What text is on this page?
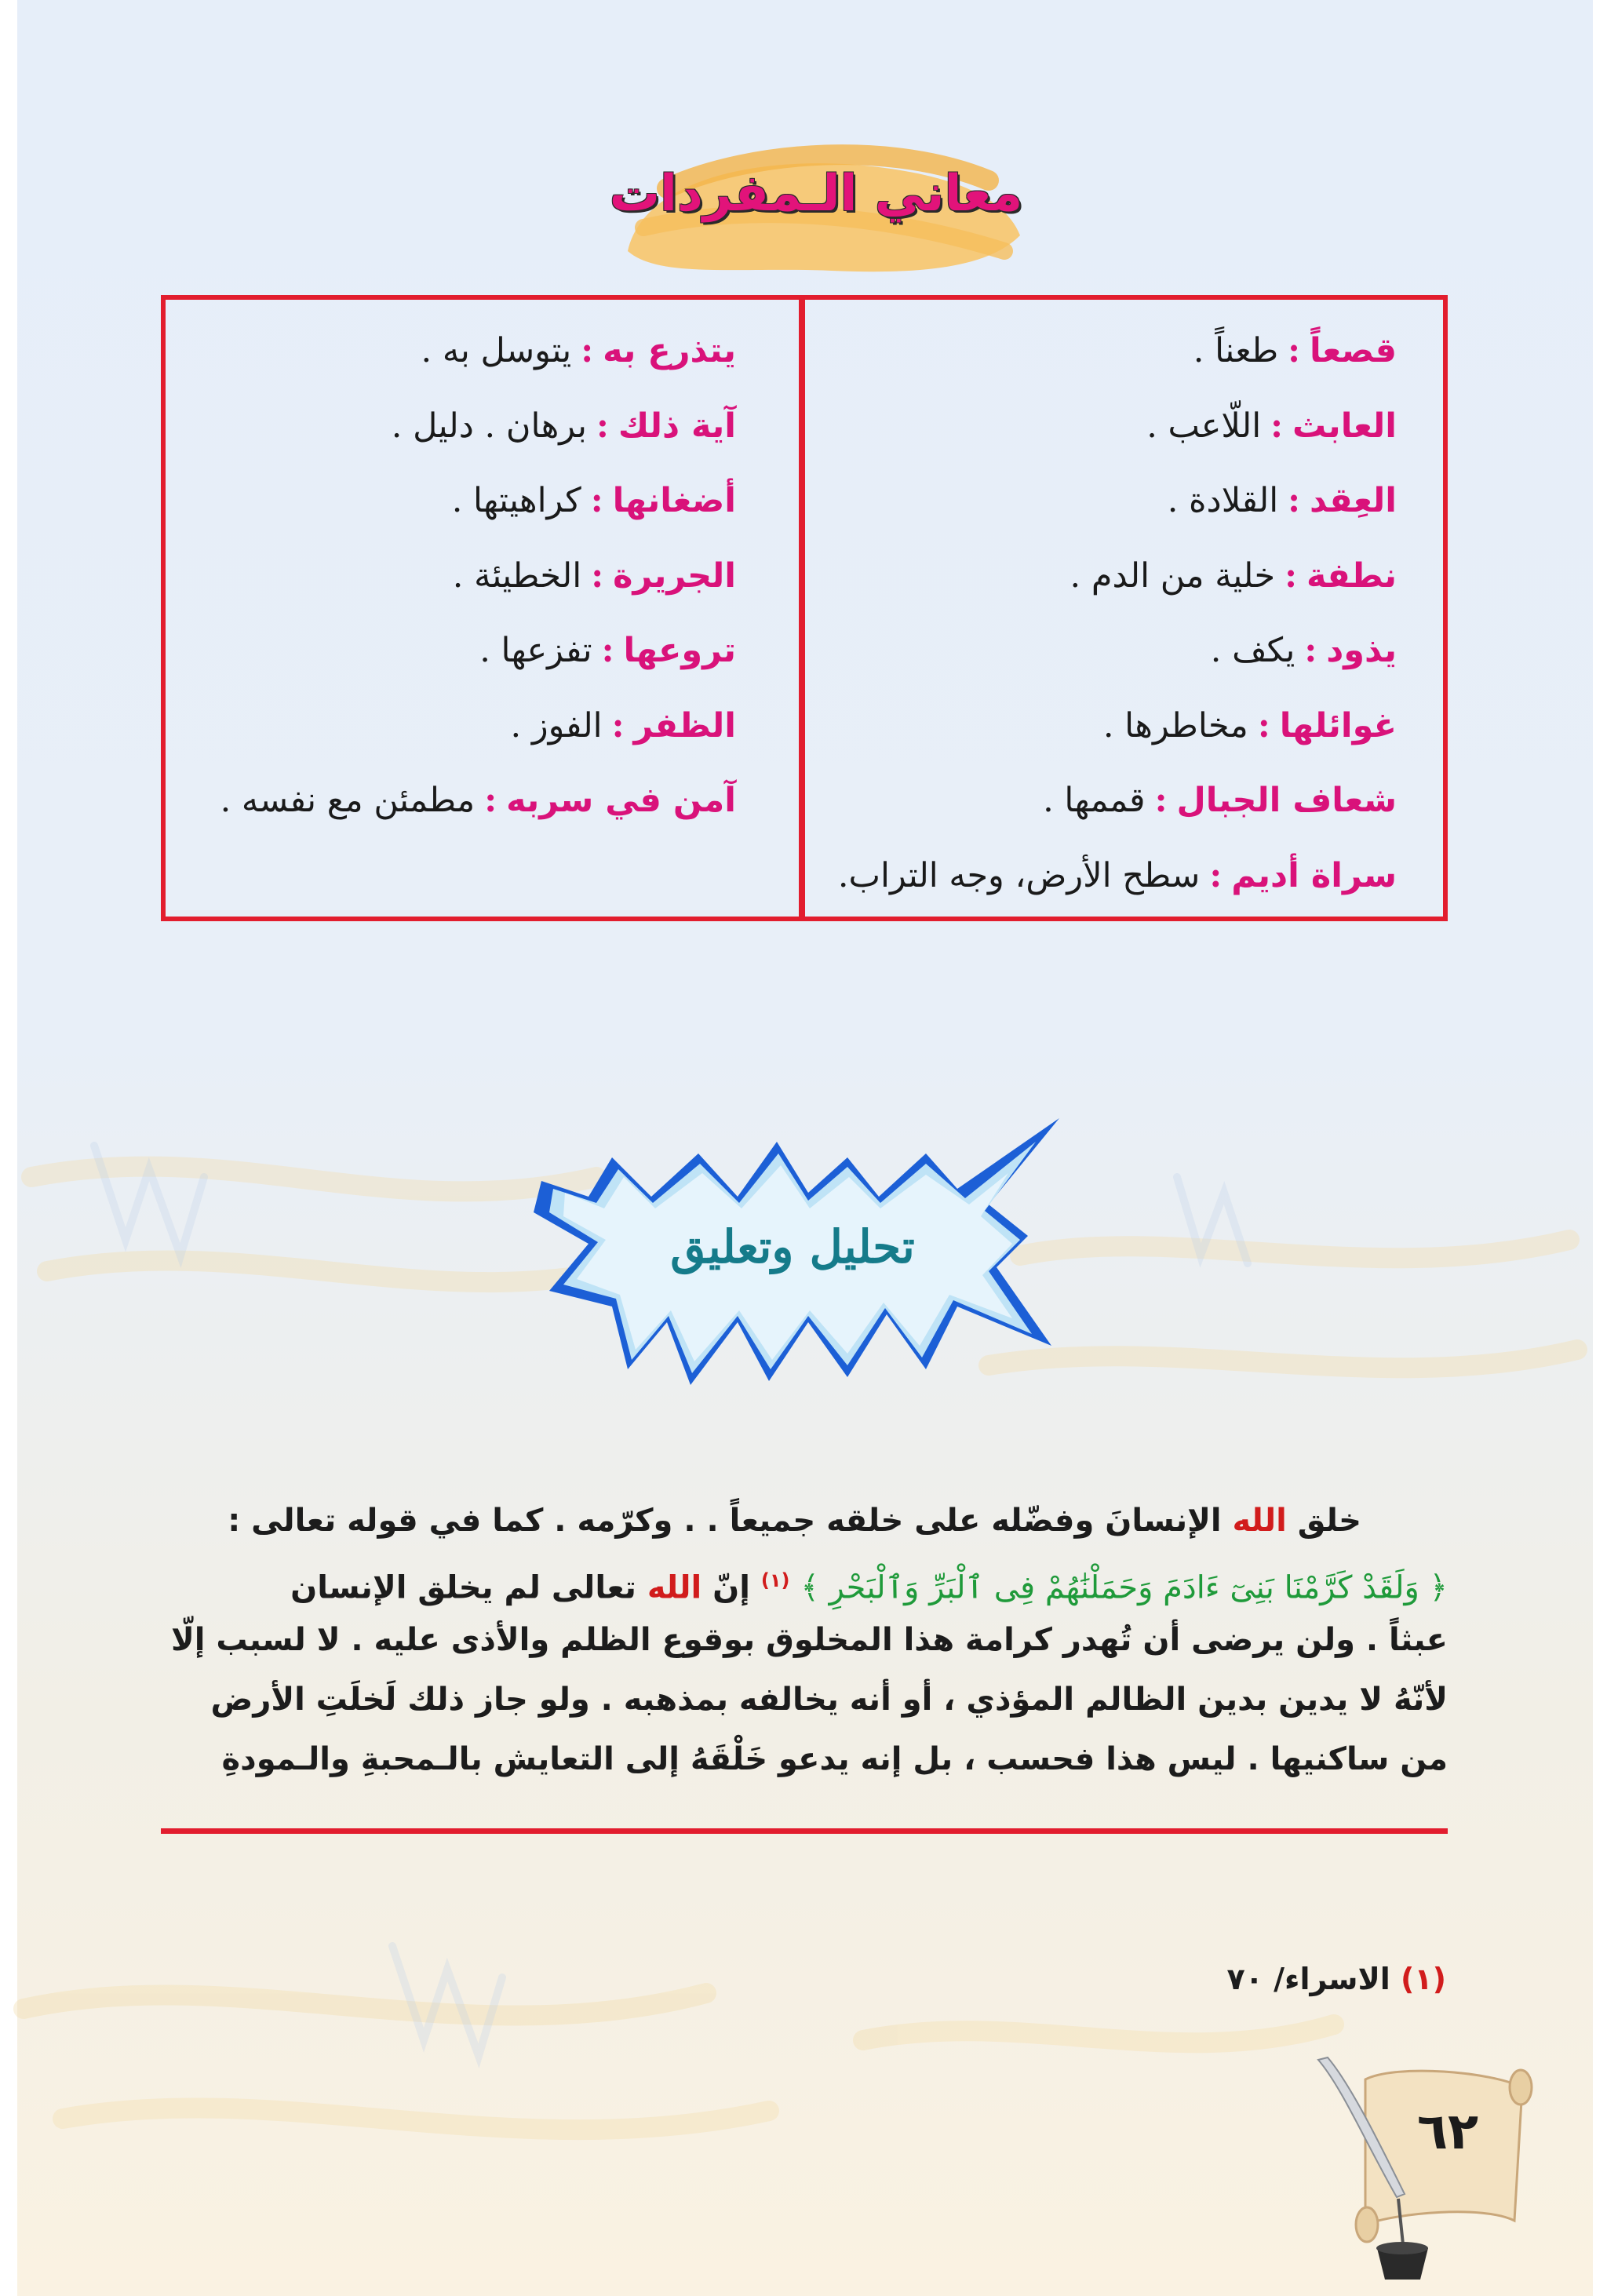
معاني الـمفردات
قصعاً:طعناً .
العابث:اللّاعب .
العِقد:القلادة .
نطفة:خلية من الدم .
يذود:يكف .
غوائلها:مخاطرها .
شعاف الجبال:قممها .
سراة أديم:سطح الأرض، وجه التراب.
يتذرع به:يتوسل به .
آية ذلك:برهان . دليل .
أضغانها:كراهيتها .
الجريرة:الخطيئة .
تروعها:تفزعها .
الظفر:الفوز .
آمن في سربه:مطمئن مع نفسه .
تحليل وتعليق
خلق الله الإنسانَ وفضّله على خلقه جميعاً . . وكرّمه . كما في قوله تعالى :
﴿ وَلَقَدْ كَرَّمْنَا بَنِىٓ ءَادَمَ وَحَمَلْنَٰهُمْ فِى ٱلْبَرِّ وَٱلْبَحْرِ ﴾ $^{(١)}$ إنّ الله تعالى لم يخلق الإنسان
عبثاً . ولن يرضى أن تُهدر كرامة هذا المخلوق بوقوع الظلم والأذى عليه . لا لسبب إلّا
لأنّهُ لا يدين بدين الظالم المؤذي ، أو أنه يخالفه بمذهبه . ولو جاز ذلك لَخلَتِ الأرض
من ساكنيها . ليس هذا فحسب ، بل إنه يدعو خَلْقَهُ إلى التعايش بالـمحبةِ والـمودةِ
(١) الاسراء/ ٧٠
٦٢
